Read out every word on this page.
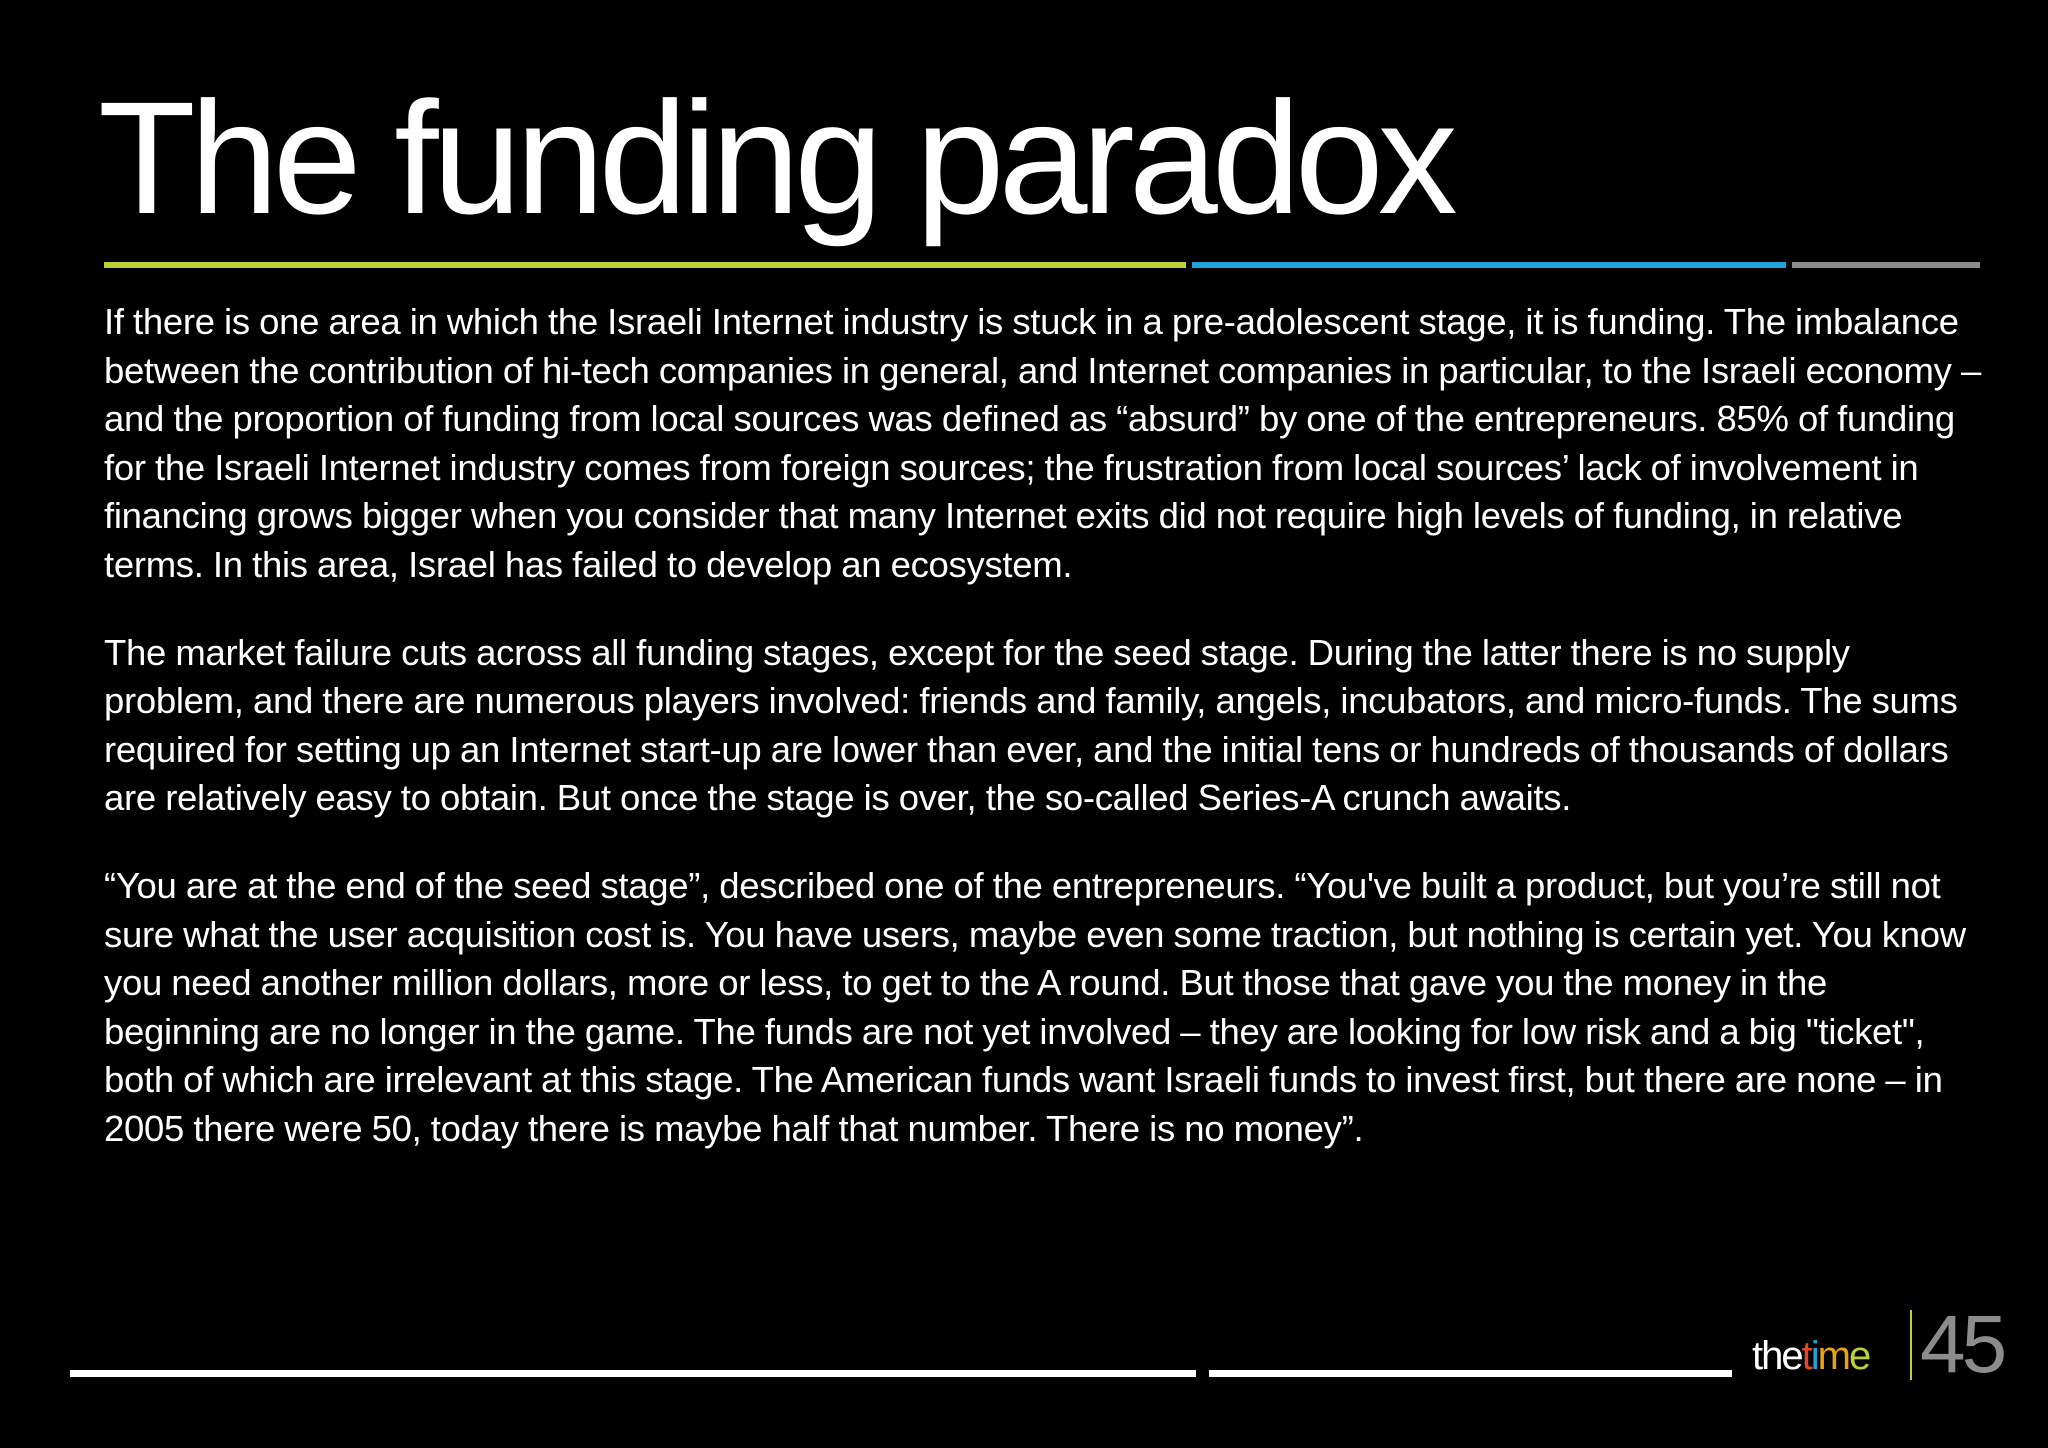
The funding paradox

If there is one area in which the Israeli Internet industry is stuck in a pre-adolescent stage, it is funding. The imbalance between the contribution of hi-tech companies in general, and Internet companies in particular, to the Israeli economy – and the proportion of funding from local sources was defined as “absurd” by one of the entrepreneurs. 85% of funding for the Israeli Internet industry comes from foreign sources; the frustration from local sources’ lack of involvement in financing grows bigger when you consider that many Internet exits did not require high levels of funding, in relative terms. In this area, Israel has failed to develop an ecosystem.

The market failure cuts across all funding stages, except for the seed stage. During the latter there is no supply problem, and there are numerous players involved: friends and family, angels, incubators, and micro-funds. The sums required for setting up an Internet start-up are lower than ever, and the initial tens or hundreds of thousands of dollars are relatively easy to obtain. But once the stage is over, the so-called Series-A crunch awaits.

“You are at the end of the seed stage”, described one of the entrepreneurs. “You've built a product, but you’re still not sure what the user acquisition cost is. You have users, maybe even some traction, but nothing is certain yet. You know you need another million dollars, more or less, to get to the A round. But those that gave you the money in the beginning are no longer in the game. The funds are not yet involved – they are looking for low risk and a big "ticket", both of which are irrelevant at this stage. The American funds want Israeli funds to invest first, but there are none – in 2005 there were 50, today there is maybe half that number. There is no money”.

thetime 45
